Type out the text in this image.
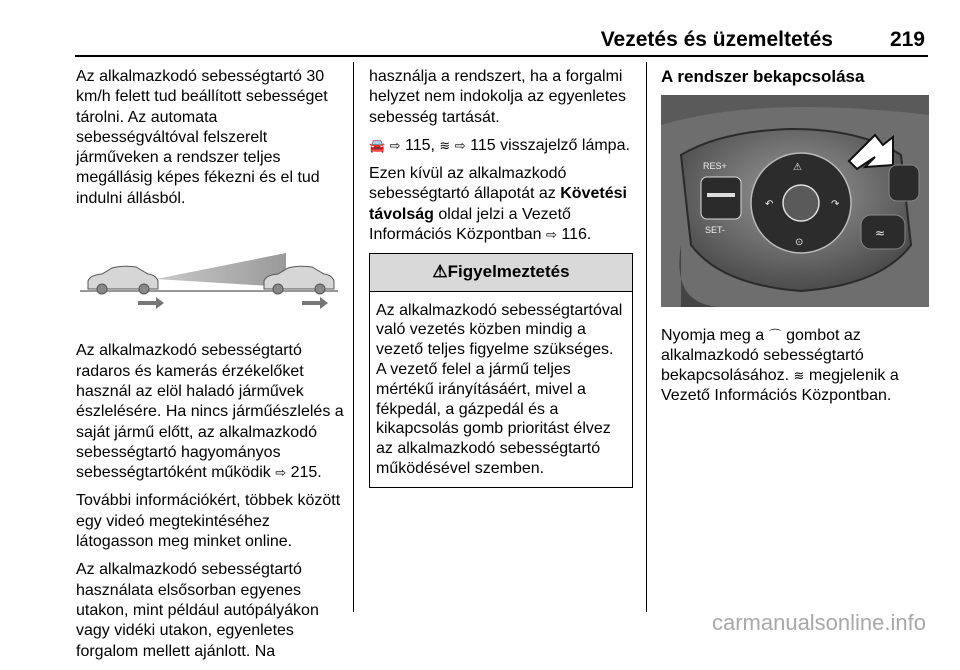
Vezetés és üzemeltetés	219

Az alkalmazkodó sebességtartó 30 km/h felett tud beállított sebességet tárolni. Az automata sebességváltóval felszerelt járműveken a rendszer teljes megállásig képes fékezni és el tud indulni állásból.

Az alkalmazkodó sebességtartó radaros és kamerás érzékelőket használ az elöl haladó járművek észlelésére. Ha nincs járműészlelés a saját jármű előtt, az alkalmazkodó sebességtartó hagyományos sebességtartóként működik ⇨ 215.

További információkért, többek között egy videó megtekintéséhez látogasson meg minket online.

Az alkalmazkodó sebességtartó használata elsősorban egyenes utakon, mint például autópályákon vagy vidéki utakon, egyenletes forgalom mellett ajánlott. Na

használja a rendszert, ha a forgalmi helyzet nem indokolja az egyenletes sebesség tartását.

🚘 ⇨ 115, ≋ ⇨ 115 visszajelző lámpa.

Ezen kívül az alkalmazkodó sebességtartó állapotát az Követési távolság oldal jelzi a Vezető Információs Központban ⇨ 116.

⚠Figyelmeztetés
Az alkalmazkodó sebességtartóval való vezetés közben mindig a vezető teljes figyelme szükséges. A vezető felel a jármű teljes mértékű irányításáért, mivel a fékpedál, a gázpedál és a kikapcsolás gomb prioritást élvez az alkalmazkodó sebességtartó működésével szemben.
A rendszer bekapcsolása
RES+
SET-
⚠
↶	↷
⊙
≈

Nyomja meg a ⌒ gombot az alkalmazkodó sebességtartó bekapcsolásához. ≋ megjelenik a Vezető Információs Központban.

carmanualsonline.info
